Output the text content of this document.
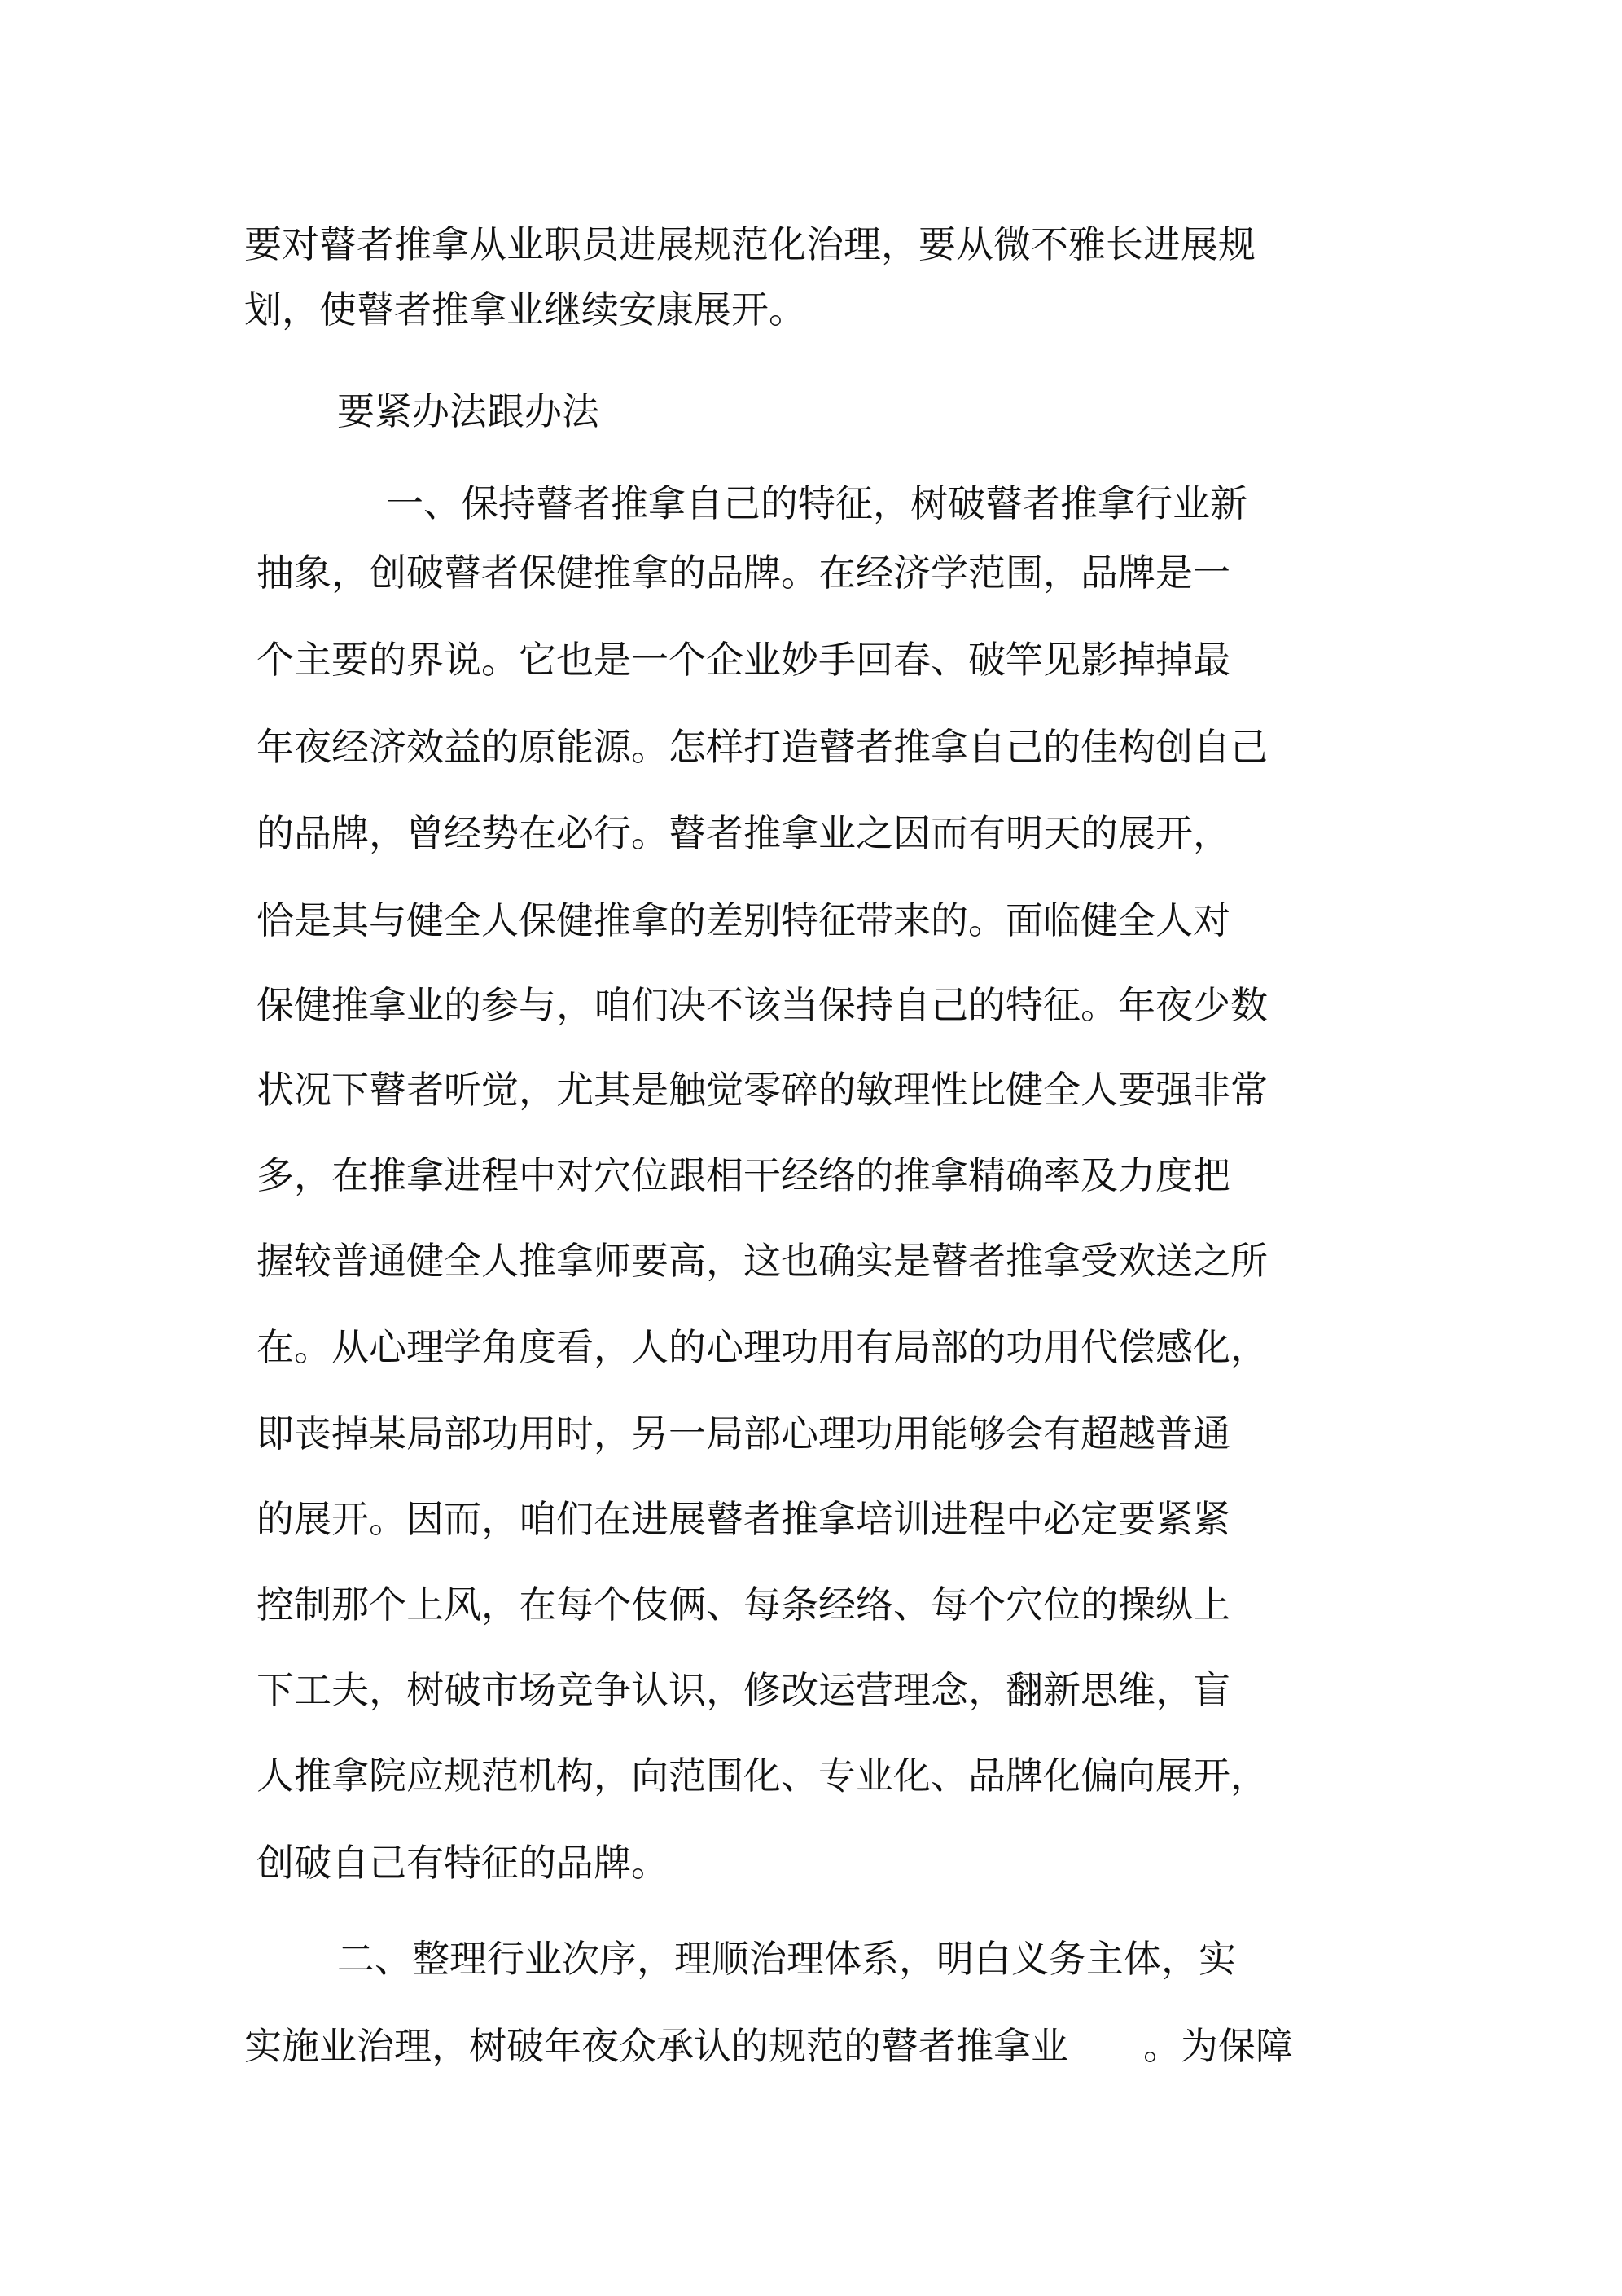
要对瞽者推拿从业职员进展规范化治理，要从微不雅长进展规
划，使瞽者推拿业继续安康展开。
要紧办法跟办法
一、保持瞽者推拿自己的特征，树破瞽者推拿行业新
抽象，创破瞽者保健推拿的品牌。在经济学范围，品牌是一
个主要的界说。它也是一个企业妙手回春、破竿见影掉掉最
年夜经济效益的原能源。怎样打造瞽者推拿自己的佳构创自己
的品牌，曾经势在必行。瞽者推拿业之因而有明天的展开，
恰是其与健全人保健推拿的差别特征带来的。面临健全人对
保健推拿业的参与，咱们决不该当保持自己的特征。年夜少数
状况下瞽者听觉，尤其是触觉零碎的敏理性比健全人要强非常
多，在推拿进程中对穴位跟相干经络的推拿精确率及力度把
握较普通健全人推拿师要高，这也确实是瞽者推拿受欢送之所
在。从心理学角度看，人的心理功用有局部的功用代偿感化，
即丧掉某局部功用时，另一局部心理功用能够会有超越普通
的展开。因而，咱们在进展瞽者推拿培训进程中必定要紧紧
控制那个上风，在每个伎俩、每条经络、每个穴位的操纵上
下工夫，树破市场竞争认识，修改运营理念，翻新思维，盲
人推拿院应规范机构，向范围化、专业化、品牌化偏向展开，
创破自己有特征的品牌。
二、整理行业次序，理顺治理体系，明白义务主体，实
实施业治理，树破年夜众承认的规范的瞽者推拿业　　。为保障
